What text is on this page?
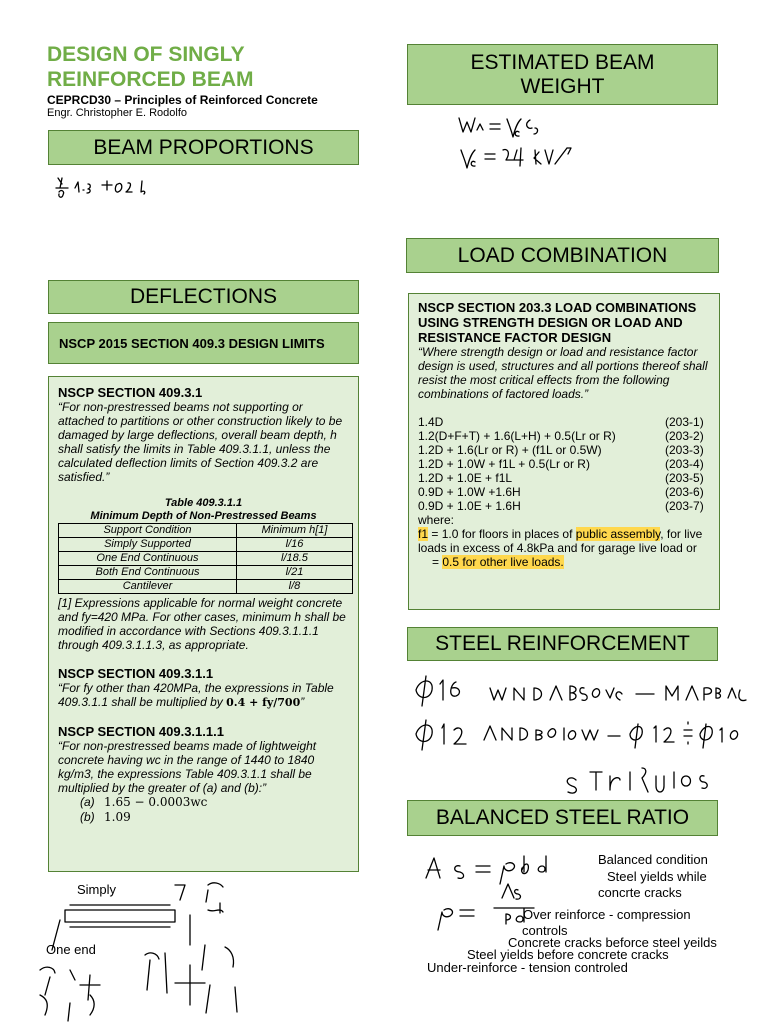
DESIGN OF SINGLY
REINFORCED BEAM
CEPRCD30 – Principles of Reinforced Concrete
Engr. Christopher E. Rodolfo
BEAM PROPORTIONS
DEFLECTIONS
NSCP 2015 SECTION 409.3 DESIGN LIMITS
NSCP SECTION 409.3.1
“For non-prestressed beams not supporting or attached to partitions or other construction likely to be damaged by large deflections, overall beam depth, h shall satisfy the limits in Table 409.3.1.1, unless the calculated deflection limits of Section 409.3.2 are satisfied.”
Table 409.3.1.1
Minimum Depth of Non-Prestressed Beams
Support Condition	Minimum h[1]
Simply Supported	l/16
One End Continuous	l/18.5
Both End Continuous	l/21
Cantilever	l/8
[1] Expressions applicable for normal weight concrete and fy=420 MPa. For other cases, minimum h shall be modified in accordance with Sections 409.3.1.1.1 through 409.3.1.1.3, as appropriate.
NSCP SECTION 409.3.1.1
“For fy other than 420MPa, the expressions in Table 409.3.1.1 shall be multiplied by 0.4 + fy/700”
NSCP SECTION 409.3.1.1.1
“For non-prestressed beams made of lightweight concrete having wc in the range of 1440 to 1840 kg/m3, the expressions Table 409.3.1.1 shall be multiplied by the greater of (a) and (b):”
(a) 1.65 − 0.0003wc
(b) 1.09
Simply
One end
ESTIMATED BEAM WEIGHT
LOAD COMBINATION
NSCP SECTION 203.3 LOAD COMBINATIONS USING STRENGTH DESIGN OR LOAD AND RESISTANCE FACTOR DESIGN
“Where strength design or load and resistance factor design is used, structures and all portions thereof shall resist the most critical effects from the following combinations of factored loads.”
1.4D	(203-1)
1.2(D+F+T) + 1.6(L+H) + 0.5(Lr or R)	(203-2)
1.2D + 1.6(Lr or R) + (f1L or 0.5W)	(203-3)
1.2D + 1.0W + f1L + 0.5(Lr or R)	(203-4)
1.2D + 1.0E + f1L	(203-5)
0.9D + 1.0W +1.6H	(203-6)
0.9D + 1.0E + 1.6H	(203-7)
where:
f1 = 1.0 for floors in places of public assembly, for live loads in excess of 4.8kPa and for garage live load or
= 0.5 for other live loads.
STEEL REINFORCEMENT
BALANCED STEEL RATIO
Balanced condition
Steel yields while
concrte cracks
Over reinforce - compression
controls
Concrete cracks beforce steel yeilds
Steel yields before concrete cracks
Under-reinforce - tension controled
